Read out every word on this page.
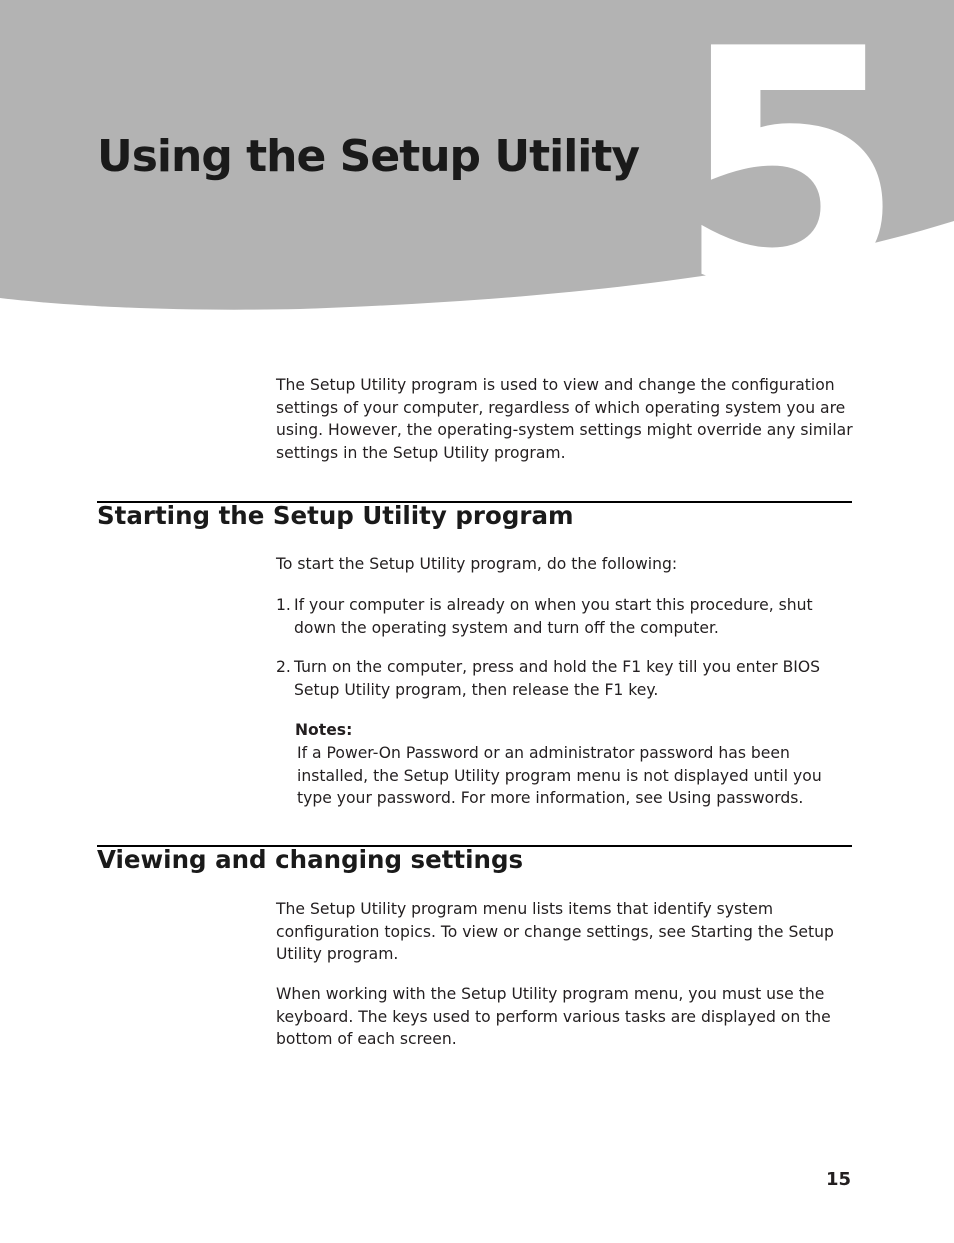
5
Using the Setup Utility

The Setup Utility program is used to view and change the configuration settings of your computer, regardless of which operating system you are using. However, the operating-system settings might override any similar settings in the Setup Utility program.

Starting the Setup Utility program

To start the Setup Utility program, do the following:

1. If your computer is already on when you start this procedure, shut down the operating system and turn off the computer.
2. Turn on the computer, press and hold the F1 key till you enter BIOS Setup Utility program, then release the F1 key.
Notes:

If a Power-On Password or an administrator password has been installed, the Setup Utility program menu is not displayed until you type your password. For more information, see Using passwords.

Viewing and changing settings

The Setup Utility program menu lists items that identify system configuration topics. To view or change settings, see Starting the Setup Utility program.

When working with the Setup Utility program menu, you must use the keyboard. The keys used to perform various tasks are displayed on the bottom of each screen.

15
